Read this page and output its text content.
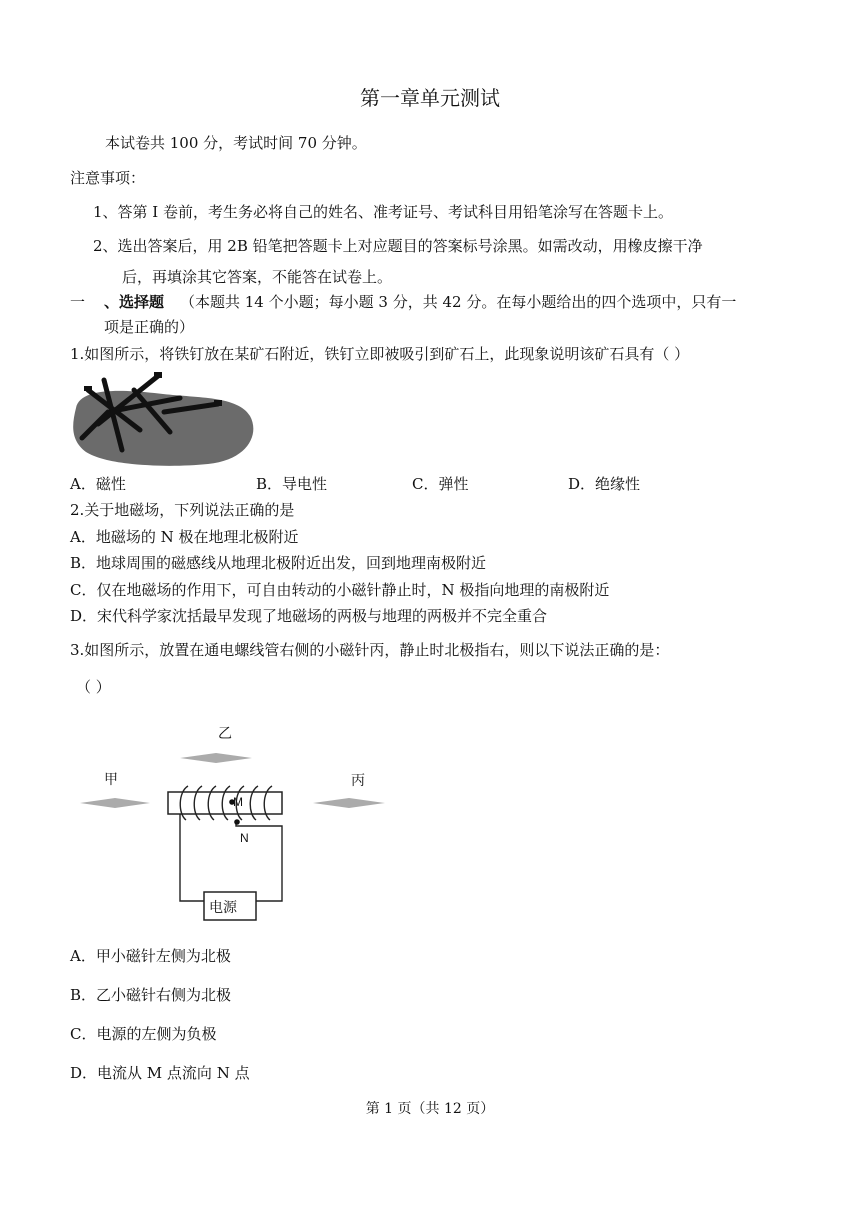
第一章单元测试
本试卷共 100 分，考试时间 70 分钟。
注意事项：
1、答第 I 卷前，考生务必将自己的姓名、准考证号、考试科目用铅笔涂写在答题卡上。
2、选出答案后，用 2B 铅笔把答题卡上对应题目的答案标号涂黑。如需改动，用橡皮擦干净
后，再填涂其它答案，不能答在试卷上。
一 、选择题 （本题共 14 个小题；每小题 3 分，共 42 分。在每小题给出的四个选项中，只有一
项是正确的）
1.如图所示，将铁钉放在某矿石附近，铁钉立即被吸引到矿石上，此现象说明该矿石具有（ ）
A．磁性	B．导电性	C．弹性	D．绝缘性
2.关于地磁场，下列说法正确的是
A．地磁场的 N 极在地理北极附近
B．地球周围的磁感线从地理北极附近出发，回到地理南极附近
C．仅在地磁场的作用下，可自由转动的小磁针静止时，N 极指向地理的南极附近
D．宋代科学家沈括最早发现了地磁场的两极与地理的两极并不完全重合
3.如图所示，放置在通电螺线管右侧的小磁针丙，静止时北极指右，则以下说法正确的是：
（ ）
乙
甲	丙
M
N
电源
A．甲小磁针左侧为北极
B．乙小磁针右侧为北极
C．电源的左侧为负极
D．电流从 M 点流向 N 点
第 1 页（共 12 页）
